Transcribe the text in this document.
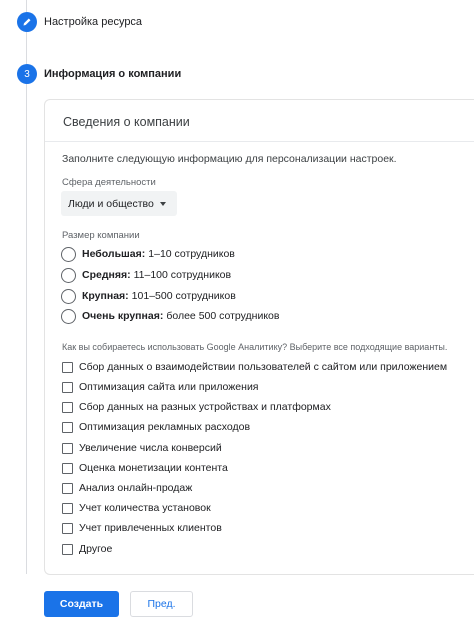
Настройка ресурса
3	Информация о компании
Сведения о компании
Заполните следующую информацию для персонализации настроек.
Сфера деятельности
Люди и общество
Размер компании
Небольшая: 1–10 сотрудников
Средняя: 11–100 сотрудников
Крупная: 101–500 сотрудников
Очень крупная: более 500 сотрудников
Как вы собираетесь использовать Google Аналитику? Выберите все подходящие варианты.
Сбор данных о взаимодействии пользователей с сайтом или приложением
Оптимизация сайта или приложения
Сбор данных на разных устройствах и платформах
Оптимизация рекламных расходов
Увеличение числа конверсий
Оценка монетизации контента
Анализ онлайн-продаж
Учет количества установок
Учет привлеченных клиентов
Другое
Создать	Пред.
